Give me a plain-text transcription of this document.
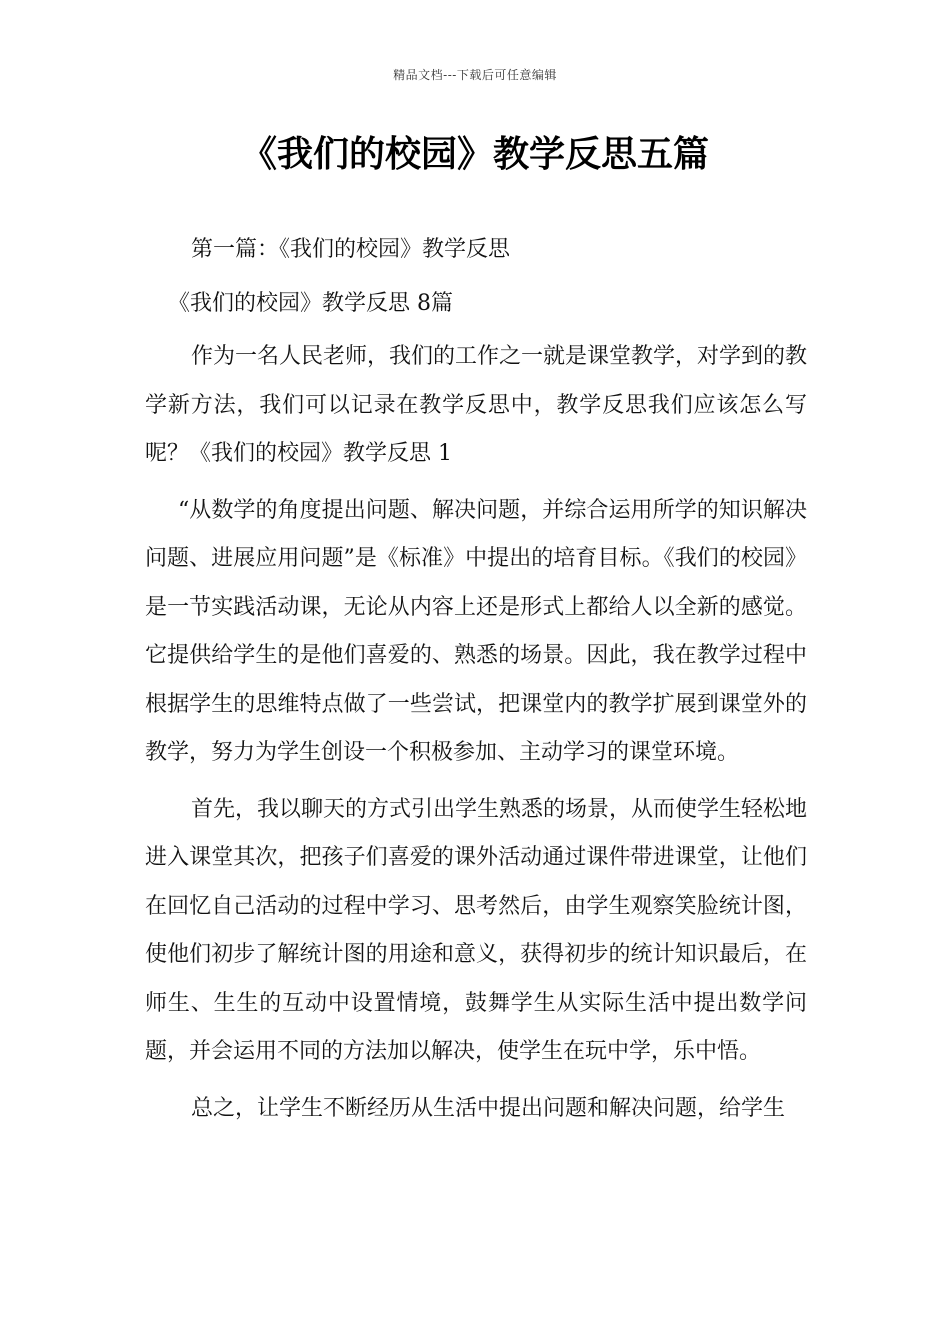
精品文档---下载后可任意编辑
《我们的校园》教学反思五篇

第一篇：《我们的校园》教学反思

《我们的校园》教学反思 8篇

作为一名人民老师，我们的工作之一就是课堂教学，对学到的教学新方法，我们可以记录在教学反思中，教学反思我们应该怎么写呢？《我们的校园》教学反思 1

“从数学的角度提出问题、解决问题，并综合运用所学的知识解决问题、进展应用问题”是《标准》中提出的培育目标。《我们的校园》是一节实践活动课，无论从内容上还是形式上都给人以全新的感觉。它提供给学生的是他们喜爱的、熟悉的场景。因此，我在教学过程中根据学生的思维特点做了一些尝试，把课堂内的教学扩展到课堂外的教学，努力为学生创设一个积极参加、主动学习的课堂环境。

首先，我以聊天的方式引出学生熟悉的场景，从而使学生轻松地进入课堂其次，把孩子们喜爱的课外活动通过课件带进课堂，让他们在回忆自己活动的过程中学习、思考然后，由学生观察笑脸统计图，使他们初步了解统计图的用途和意义，获得初步的统计知识最后，在师生、生生的互动中设置情境，鼓舞学生从实际生活中提出数学问题，并会运用不同的方法加以解决，使学生在玩中学，乐中悟。

总之，让学生不断经历从生活中提出问题和解决问题，给学生
